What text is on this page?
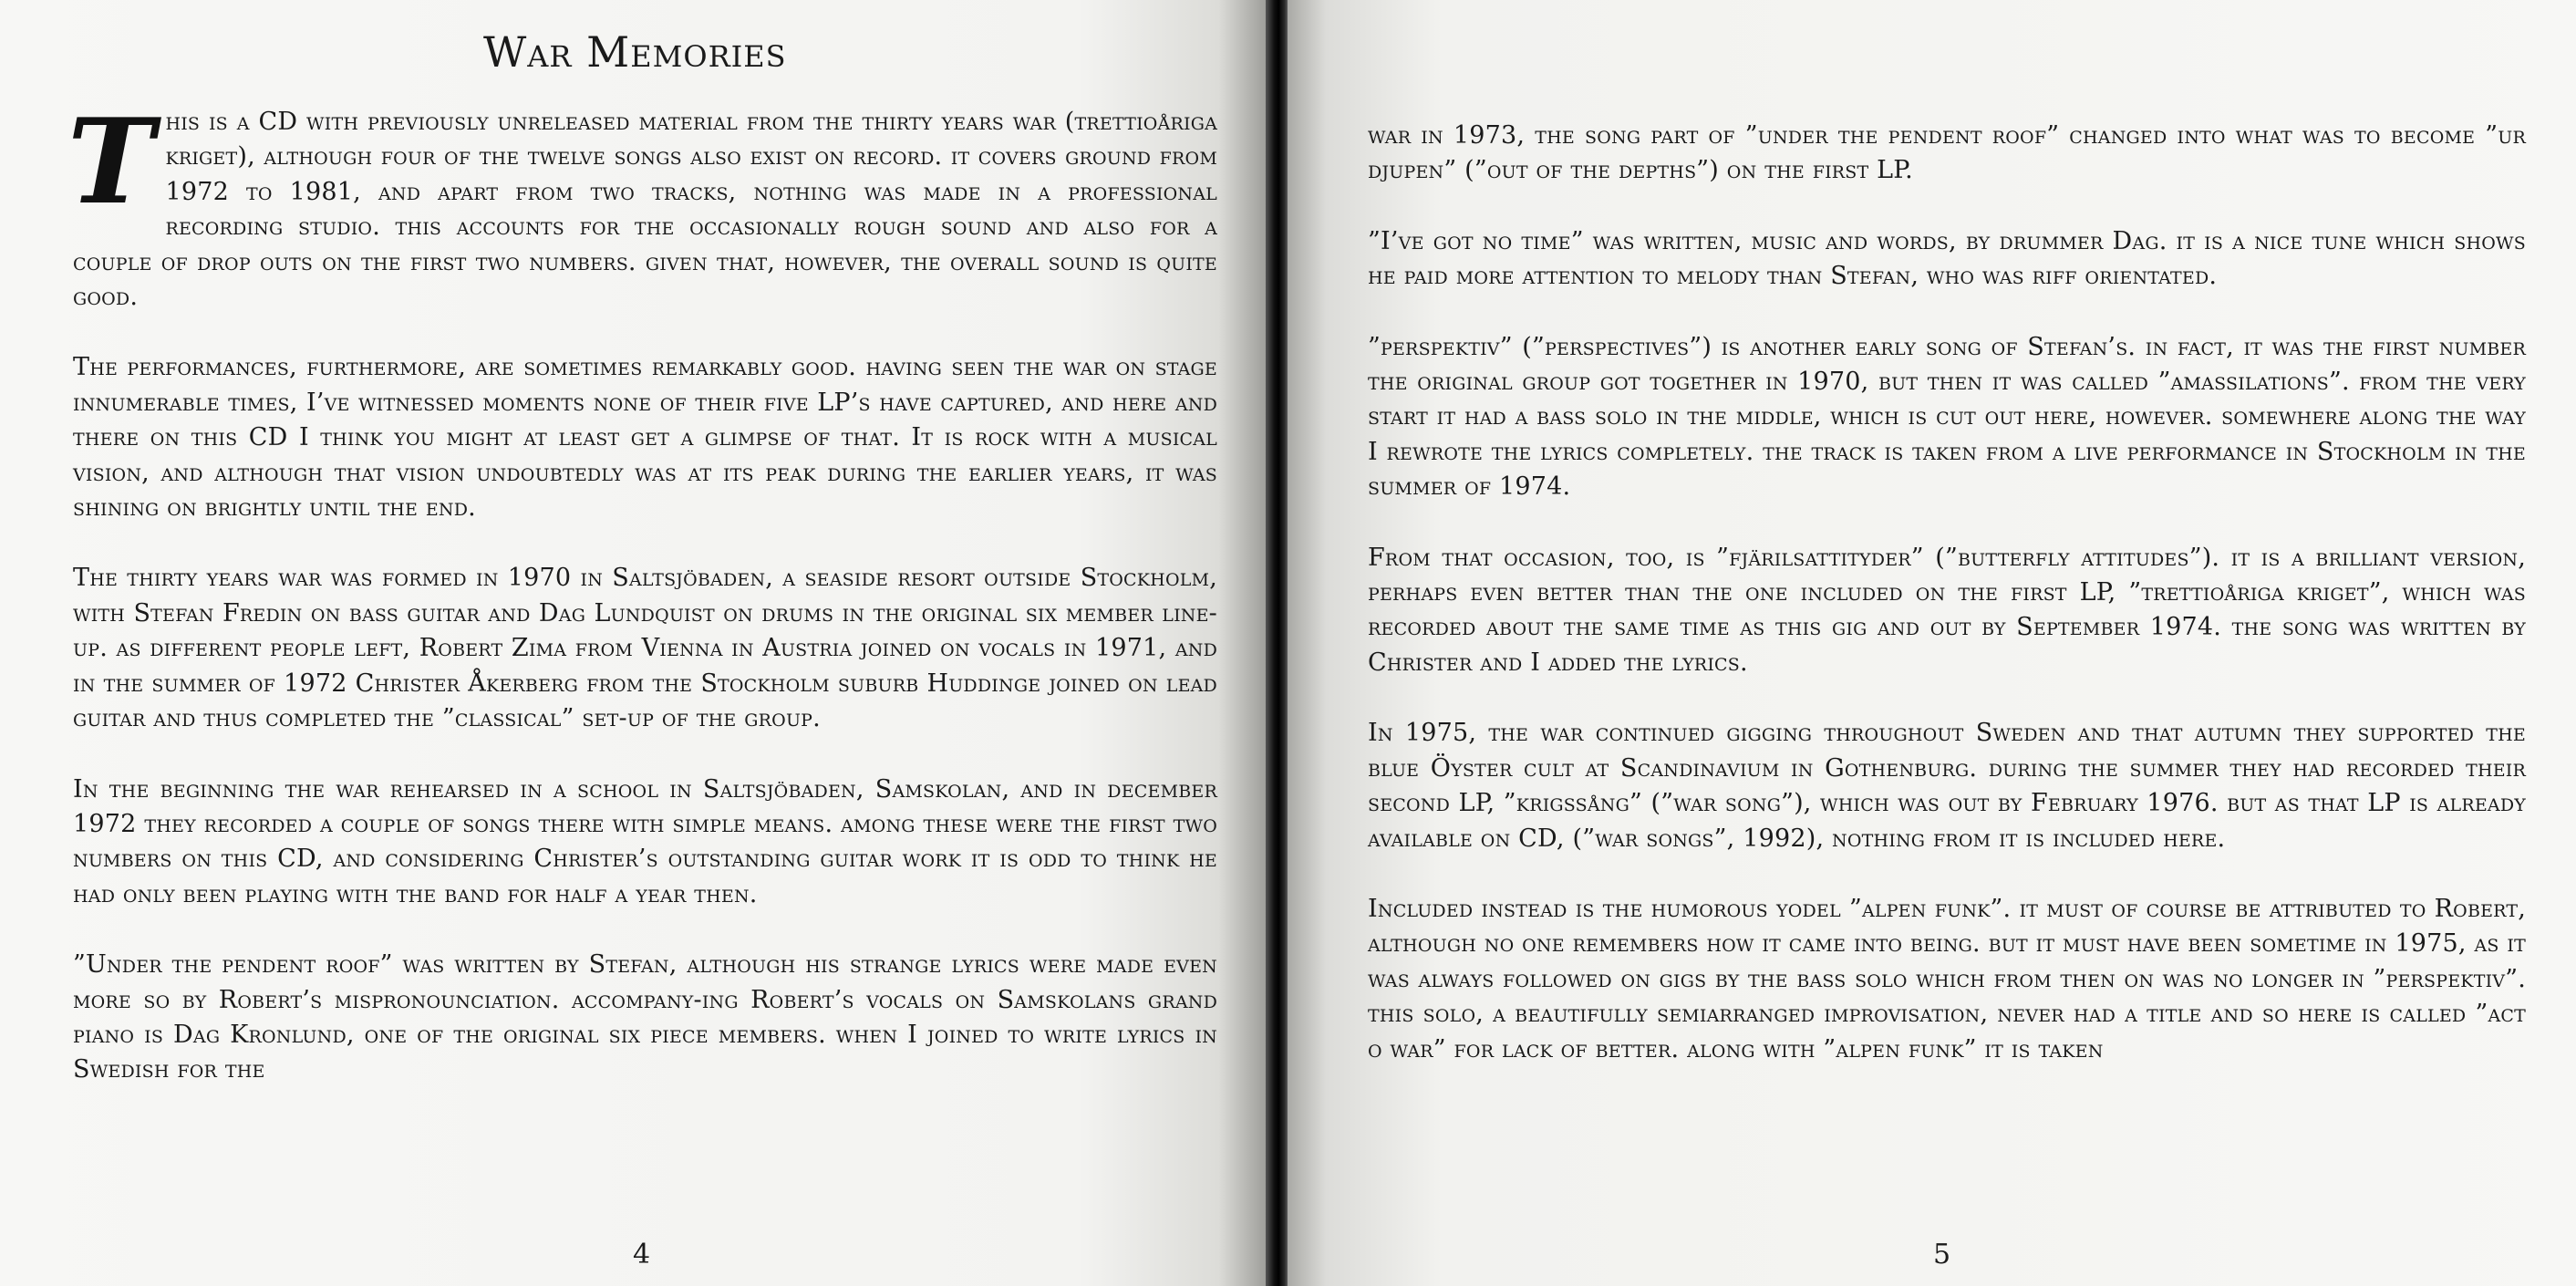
War Memories

This is a CD with previously unreleased material from the thirty years war (trettioåriga kriget), although four of the twelve songs also exist on record. it covers ground from 1972 to 1981, and apart from two tracks, nothing was made in a professional recording studio. this accounts for the occasionally rough sound and also for a couple of drop outs on the first two numbers. given that, however, the overall sound is quite good.

The performances, furthermore, are sometimes remarkably good. having seen the war on stage innumerable times, I’ve witnessed moments none of their five LP’s have captured, and here and there on this CD I think you might at least get a glimpse of that. It is rock with a musical vision, and although that vision undoubtedly was at its peak during the earlier years, it was shining on brightly until the end.

The thirty years war was formed in 1970 in Saltsjöbaden, a seaside resort outside Stockholm, with Stefan Fredin on bass guitar and Dag Lundquist on drums in the original six member line-up. as different people left, Robert Zima from Vienna in Austria joined on vocals in 1971, and in the summer of 1972 Christer Åkerberg from the Stockholm suburb Huddinge joined on lead guitar and thus completed the ”classical” set-up of the group.

In the beginning the war rehearsed in a school in Saltsjöbaden, Samskolan, and in december 1972 they recorded a couple of songs there with simple means. among these were the first two numbers on this CD, and considering Christer’s outstanding guitar work it is odd to think he had only been playing with the band for half a year then.

”Under the pendent roof” was written by Stefan, although his strange lyrics were made even more so by Robert’s mispronounciation. accompany-ing Robert’s vocals on Samskolans grand piano is Dag Kronlund, one of the original six piece members. when I joined to write lyrics in Swedish for the

4

war in 1973, the song part of ”under the pendent roof” changed into what was to become ”ur djupen” (”out of the depths”) on the first LP.

”I’ve got no time” was written, music and words, by drummer Dag. it is a nice tune which shows he paid more attention to melody than Stefan, who was riff orientated.

”perspektiv” (”perspectives”) is another early song of Stefan’s. in fact, it was the first number the original group got together in 1970, but then it was called ”amassilations”. from the very start it had a bass solo in the middle, which is cut out here, however. somewhere along the way I rewrote the lyrics completely. the track is taken from a live performance in Stockholm in the summer of 1974.

From that occasion, too, is ”fjärilsattityder” (”butterfly attitudes”). it is a brilliant version, perhaps even better than the one included on the first LP, ”trettioåriga kriget”, which was recorded about the same time as this gig and out by September 1974. the song was written by Christer and I added the lyrics.

In 1975, the war continued gigging throughout Sweden and that autumn they supported the blue Öyster cult at Scandinavium in Gothenburg. during the summer they had recorded their second LP, ”krigssång” (”war song”), which was out by February 1976. but as that LP is already available on CD, (”war songs”, 1992), nothing from it is included here.

Included instead is the humorous yodel ”alpen funk”. it must of course be attributed to Robert, although no one remembers how it came into being. but it must have been sometime in 1975, as it was always followed on gigs by the bass solo which from then on was no longer in ”perspektiv”. this solo, a beautifully semiarranged improvisation, never had a title and so here is called ”act o war” for lack of better. along with ”alpen funk” it is taken

5
